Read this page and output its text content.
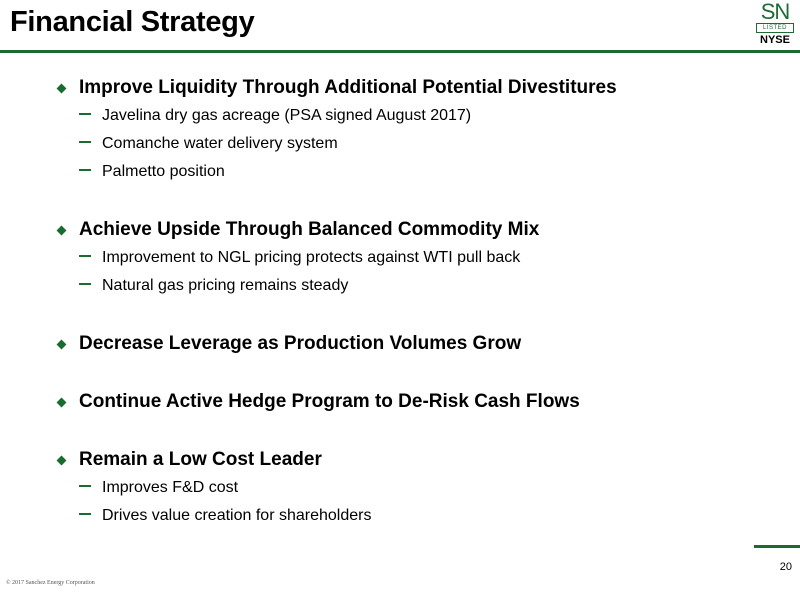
Financial Strategy	SN
LISTED
NYSE
Improve Liquidity Through Additional Potential Divestitures
Javelina dry gas acreage (PSA signed August 2017)
Comanche water delivery system
Palmetto position
Achieve Upside Through Balanced Commodity Mix
Improvement to NGL pricing protects against WTI pull back
Natural gas pricing remains steady
Decrease Leverage as Production Volumes Grow
Continue Active Hedge Program to De-Risk Cash Flows
Remain a Low Cost Leader
Improves F&D cost
Drives value creation for shareholders
20
© 2017 Sanchez Energy Corporation
